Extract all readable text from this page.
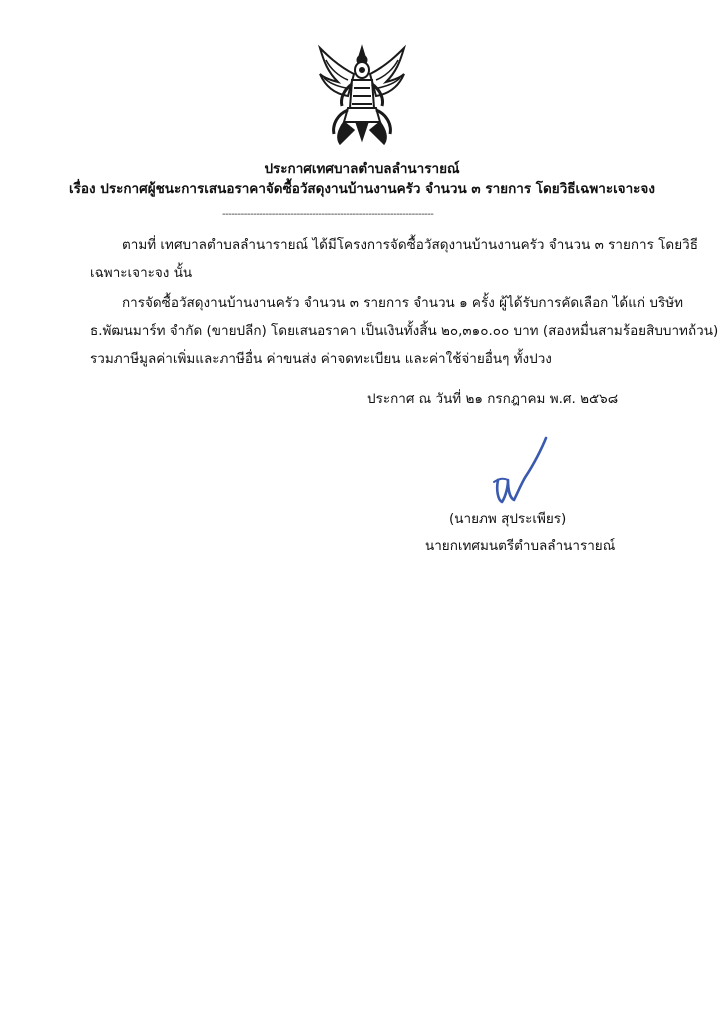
ประกาศเทศบาลตำบลลำนารายณ์
เรื่อง ประกาศผู้ชนะการเสนอราคาจัดซื้อวัสดุงานบ้านงานครัว จำนวน ๓ รายการ โดยวิธีเฉพาะเจาะจง
--------------------------------------------------------------------
ตามที่ เทศบาลตำบลลำนารายณ์ ได้มีโครงการจัดซื้อวัสดุงานบ้านงานครัว จำนวน ๓ รายการ โดยวิธี
เฉพาะเจาะจง นั้น
การจัดซื้อวัสดุงานบ้านงานครัว จำนวน ๓ รายการ จำนวน ๑ ครั้ง ผู้ได้รับการคัดเลือก ได้แก่ บริษัท
ธ.พัฒนมาร์ท จำกัด (ขายปลีก) โดยเสนอราคา เป็นเงินทั้งสิ้น ๒๐,๓๑๐.๐๐ บาท (สองหมื่นสามร้อยสิบบาทถ้วน)
รวมภาษีมูลค่าเพิ่มและภาษีอื่น ค่าขนส่ง ค่าจดทะเบียน และค่าใช้จ่ายอื่นๆ ทั้งปวง
ประกาศ ณ วันที่ ๒๑ กรกฎาคม พ.ศ. ๒๕๖๘
(นายภพ สุประเพียร)
นายกเทศมนตรีตำบลลำนารายณ์
